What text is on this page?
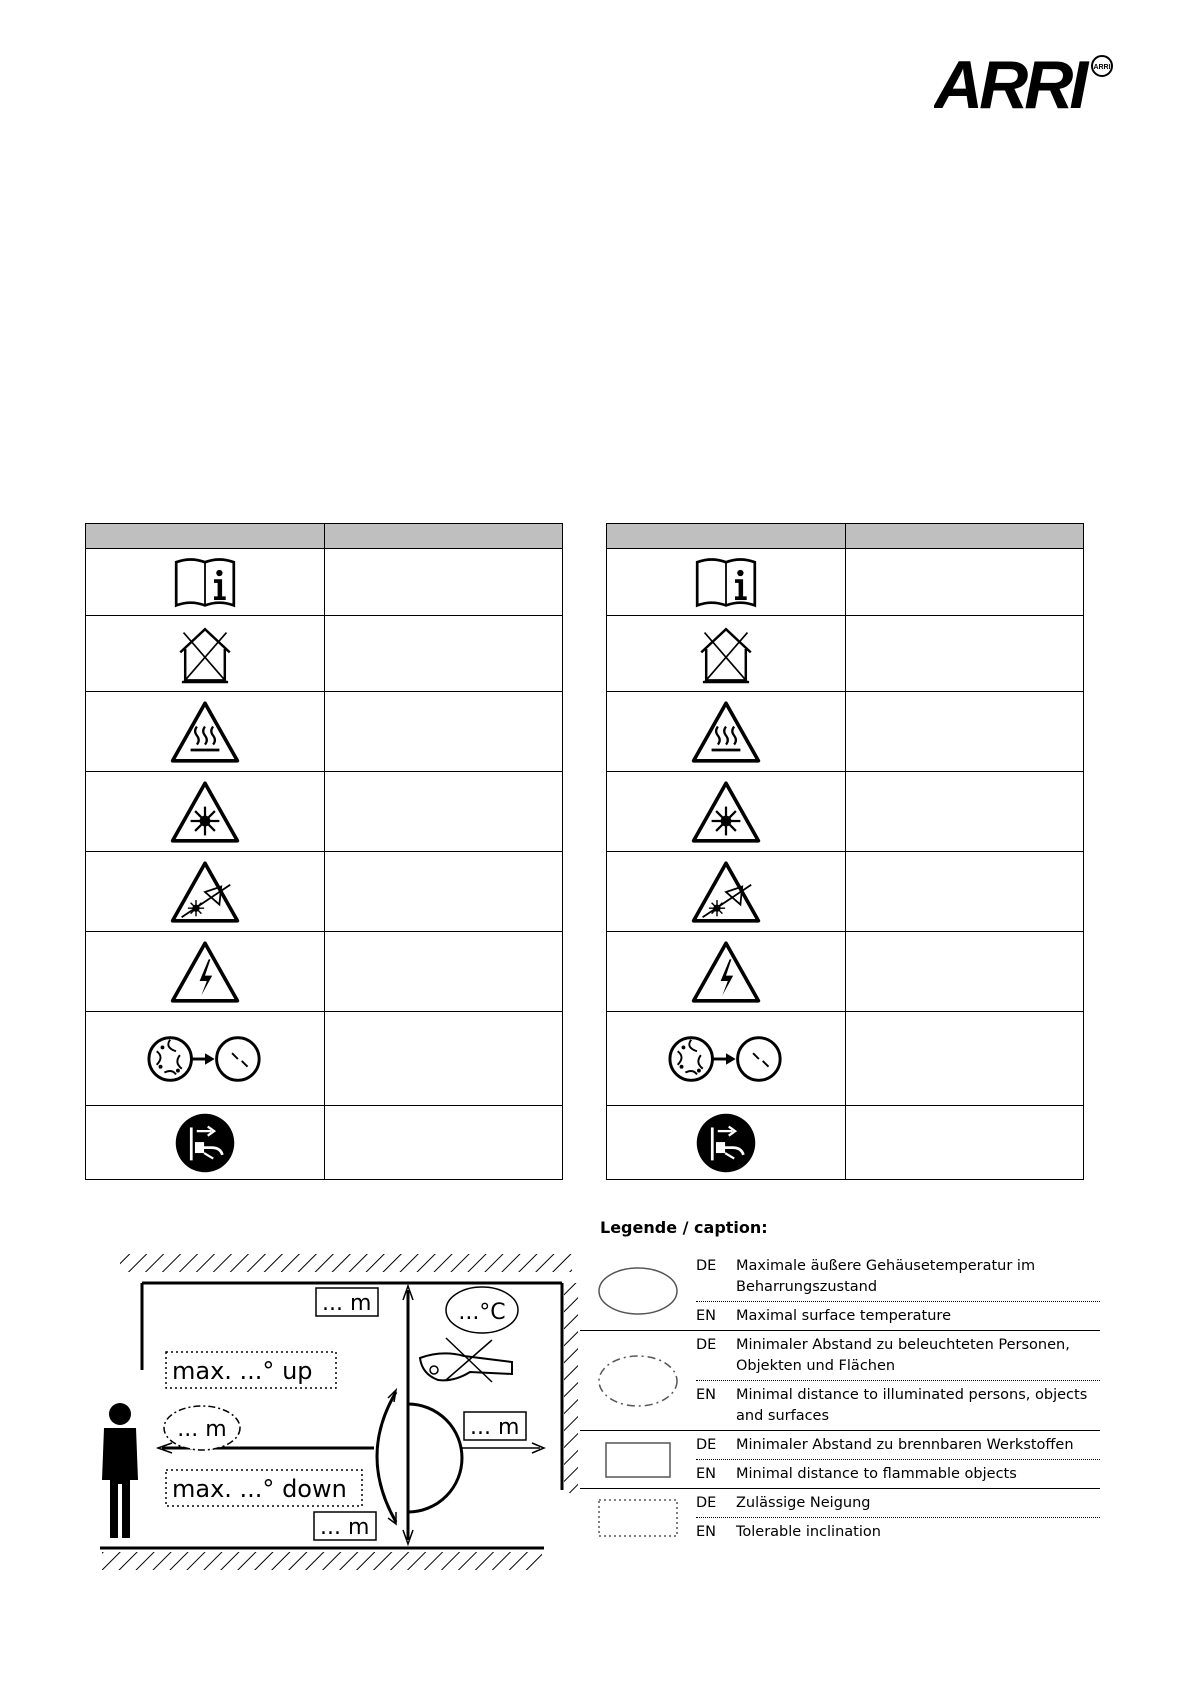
ARRI	ARRI

... m	...°C
max. ...° up
... m	... m
max. ...° down
... m
Legende / caption:
DE	Maximale äußere Gehäusetemperatur im Beharrungszustand
EN	Maximal surface temperature
DE	Minimaler Abstand zu beleuchteten Personen, Objekten und Flächen
EN	Minimal distance to illuminated persons, objects and surfaces
DE	Minimaler Abstand zu brennbaren Werkstoffen
EN	Minimal distance to flammable objects
DE	Zulässige Neigung
EN	Tolerable inclination
